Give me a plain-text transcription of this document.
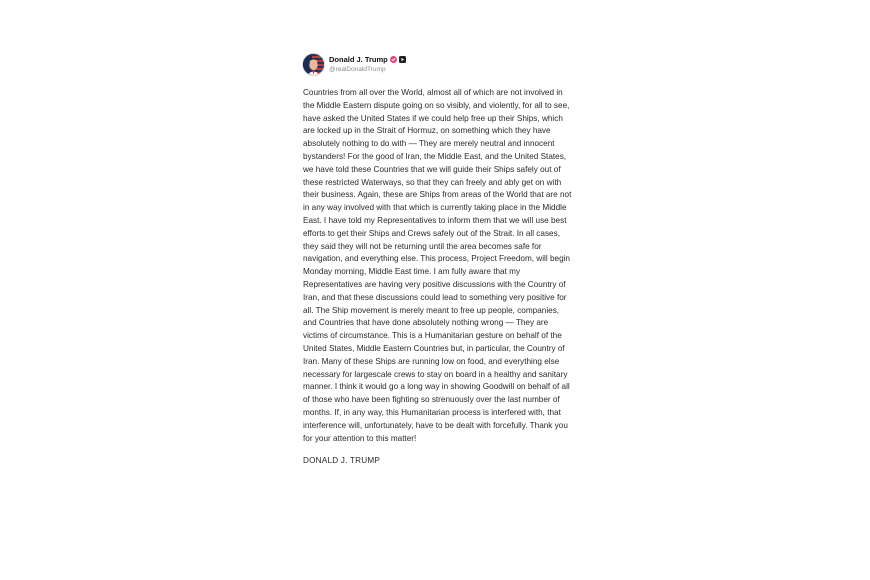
Donald J. Trump
@realDonaldTrump
Countries from all over the World, almost all of which are not involved in the Middle Eastern dispute going on so visibly, and violently, for all to see, have asked the United States if we could help free up their Ships, which are locked up in the Strait of Hormuz, on something which they have absolutely nothing to do with — They are merely neutral and innocent bystanders! For the good of Iran, the Middle East, and the United States, we have told these Countries that we will guide their Ships safely out of these restricted Waterways, so that they can freely and ably get on with their business. Again, these are Ships from areas of the World that are not in any way involved with that which is currently taking place in the Middle East. I have told my Representatives to inform them that we will use best efforts to get their Ships and Crews safely out of the Strait. In all cases, they said they will not be returning until the area becomes safe for navigation, and everything else. This process, Project Freedom, will begin Monday morning, Middle East time. I am fully aware that my Representatives are having very positive discussions with the Country of Iran, and that these discussions could lead to something very positive for all. The Ship movement is merely meant to free up people, companies, and Countries that have done absolutely nothing wrong — They are victims of circumstance. This is a Humanitarian gesture on behalf of the United States, Middle Eastern Countries but, in particular, the Country of Iran. Many of these Ships are running low on food, and everything else necessary for largescale crews to stay on board in a healthy and sanitary manner. I think it would go a long way in showing Goodwill on behalf of all of those who have been fighting so strenuously over the last number of months. If, in any way, this Humanitarian process is interfered with, that interference will, unfortunately, have to be dealt with forcefully. Thank you for your attention to this matter!
DONALD J. TRUMP
